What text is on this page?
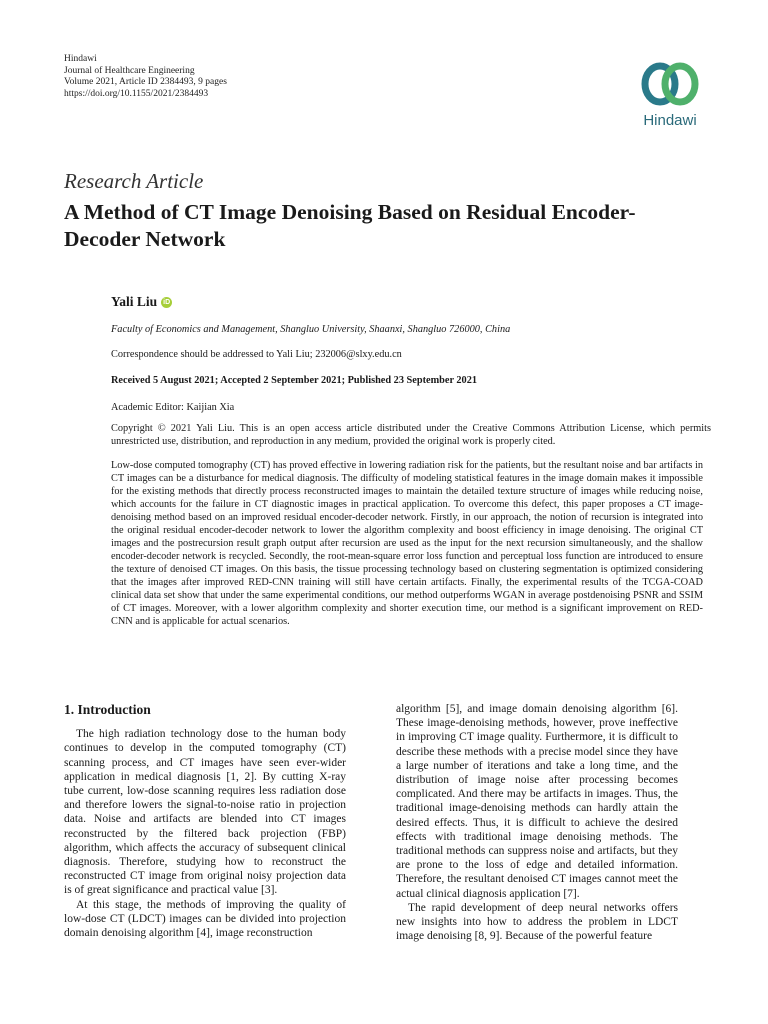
Hindawi
Journal of Healthcare Engineering
Volume 2021, Article ID 2384493, 9 pages
https://doi.org/10.1155/2021/2384493
Hindawi
Research Article
A Method of CT Image Denoising Based on Residual Encoder-Decoder Network
Yali Liu iD
Faculty of Economics and Management, Shangluo University, Shaanxi, Shangluo 726000, China
Correspondence should be addressed to Yali Liu; 232006@slxy.edu.cn
Received 5 August 2021; Accepted 2 September 2021; Published 23 September 2021
Academic Editor: Kaijian Xia
Copyright © 2021 Yali Liu. This is an open access article distributed under the Creative Commons Attribution License, which permits unrestricted use, distribution, and reproduction in any medium, provided the original work is properly cited.
Low-dose computed tomography (CT) has proved effective in lowering radiation risk for the patients, but the resultant noise and bar artifacts in CT images can be a disturbance for medical diagnosis. The difficulty of modeling statistical features in the image domain makes it impossible for the existing methods that directly process reconstructed images to maintain the detailed texture structure of images while reducing noise, which accounts for the failure in CT diagnostic images in practical application. To overcome this defect, this paper proposes a CT image-denoising method based on an improved residual encoder-decoder network. Firstly, in our approach, the notion of recursion is integrated into the original residual encoder-decoder network to lower the algorithm complexity and boost efficiency in image denoising. The original CT images and the postrecursion result graph output after recursion are used as the input for the next recursion simultaneously, and the shallow encoder-decoder network is recycled. Secondly, the root-mean-square error loss function and perceptual loss function are introduced to ensure the texture of denoised CT images. On this basis, the tissue processing technology based on clustering segmentation is optimized considering that the images after improved RED-CNN training will still have certain artifacts. Finally, the experimental results of the TCGA-COAD clinical data set show that under the same experimental conditions, our method outperforms WGAN in average postdenoising PSNR and SSIM of CT images. Moreover, with a lower algorithm complexity and shorter execution time, our method is a significant improvement on RED-CNN and is applicable for actual scenarios.

1. Introduction

The high radiation technology dose to the human body continues to develop in the computed tomography (CT) scanning process, and CT images have seen ever-wider application in medical diagnosis [1, 2]. By cutting X-ray tube current, low-dose scanning requires less radiation dose and therefore lowers the signal-to-noise ratio in projection data. Noise and artifacts are blended into CT images reconstructed by the filtered back projection (FBP) algorithm, which affects the accuracy of subsequent clinical diagnosis. Therefore, studying how to reconstruct the reconstructed CT image from original noisy projection data is of great significance and practical value [3].

At this stage, the methods of improving the quality of low-dose CT (LDCT) images can be divided into projection domain denoising algorithm [4], image reconstruction

algorithm [5], and image domain denoising algorithm [6]. These image-denoising methods, however, prove ineffective in improving CT image quality. Furthermore, it is difficult to describe these methods with a precise model since they have a large number of iterations and take a long time, and the distribution of image noise after processing becomes complicated. And there may be artifacts in images. Thus, the traditional image-denoising methods can hardly attain the desired effects. Thus, it is difficult to achieve the desired effects with traditional image denoising methods. The traditional methods can suppress noise and artifacts, but they are prone to the loss of edge and detailed information. Therefore, the resultant denoised CT images cannot meet the actual clinical diagnosis application [7].

The rapid development of deep neural networks offers new insights into how to address the problem in LDCT image denoising [8, 9]. Because of the powerful feature
